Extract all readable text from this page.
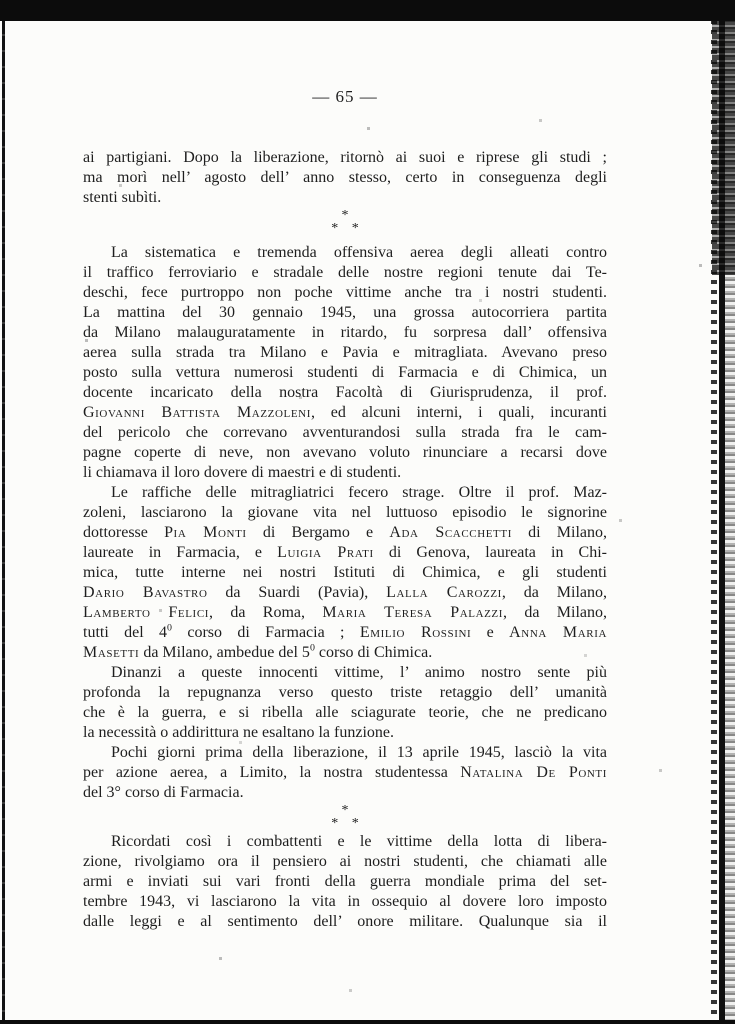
— 65 —
ai partigiani. Dopo la liberazione, ritornò ai suoi e riprese gli studi ;
ma morì nell’ agosto dell’ anno stesso, certo in conseguenza degli
stenti subìti.
*
* *
La sistematica e tremenda offensiva aerea degli alleati contro
il traffico ferroviario e stradale delle nostre regioni tenute dai Te-
deschi, fece purtroppo non poche vittime anche tra i nostri studenti.
La mattina del 30 gennaio 1945, una grossa autocorriera partita
da Milano malauguratamente in ritardo, fu sorpresa dall’ offensiva
aerea sulla strada tra Milano e Pavia e mitragliata. Avevano preso
posto sulla vettura numerosi studenti di Farmacia e di Chimica, un
docente incaricato della nostra Facoltà di Giurisprudenza, il prof.
Giovanni Battista Mazzoleni, ed alcuni interni, i quali, incuranti
del pericolo che correvano avventurandosi sulla strada fra le cam-
pagne coperte di neve, non avevano voluto rinunciare a recarsi dove
li chiamava il loro dovere di maestri e di studenti.
Le raffiche delle mitragliatrici fecero strage. Oltre il prof. Maz-
zoleni, lasciarono la giovane vita nel luttuoso episodio le signorine
dottoresse Pia Monti di Bergamo e Ada Scacchetti di Milano,
laureate in Farmacia, e Luigia Prati di Genova, laureata in Chi-
mica, tutte interne nei nostri Istituti di Chimica, e gli studenti
Dario Bavastro da Suardi (Pavia), Lalla Carozzi, da Milano,
Lamberto Felici, da Roma, Maria Teresa Palazzi, da Milano,
tutti del $4^0$ corso di Farmacia ; Emilio Rossini e Anna Maria
Masetti da Milano, ambedue del $5^0$ corso di Chimica.
Dinanzi a queste innocenti vittime, l’ animo nostro sente più
profonda la repugnanza verso questo triste retaggio dell’ umanità
che è la guerra, e si ribella alle sciagurate teorie, che ne predicano
la necessità o addirittura ne esaltano la funzione.
Pochi giorni prima della liberazione, il 13 aprile 1945, lasciò la vita
per azione aerea, a Limito, la nostra studentessa Natalina De Ponti
del 3° corso di Farmacia.
*
* *
Ricordati così i combattenti e le vittime della lotta di libera-
zione, rivolgiamo ora il pensiero ai nostri studenti, che chiamati alle
armi e inviati sui vari fronti della guerra mondiale prima del set-
tembre 1943, vi lasciarono la vita in ossequio al dovere loro imposto
dalle leggi e al sentimento dell’ onore militare. Qualunque sia il
